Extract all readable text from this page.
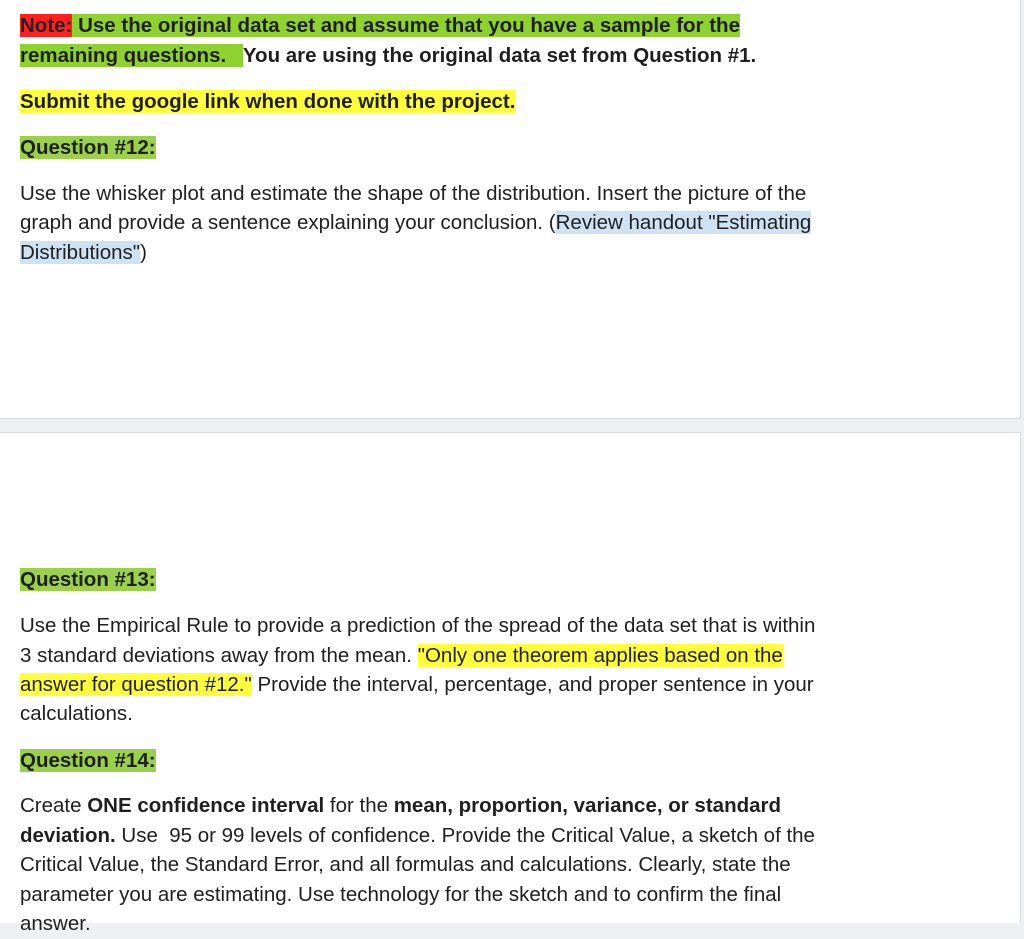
Note: Use the original data set and assume that you have a sample for the

remaining questions.   You are using the original data set from Question #1.

Submit the google link when done with the project.

Question #12:

Use the whisker plot and estimate the shape of the distribution. Insert the picture of the

graph and provide a sentence explaining your conclusion. (Review handout "Estimating

Distributions")

Question #13:

Use the Empirical Rule to provide a prediction of the spread of the data set that is within

3 standard deviations away from the mean. "Only one theorem applies based on the

answer for question #12." Provide the interval, percentage, and proper sentence in your

calculations.

Question #14:

Create ONE confidence interval for the mean, proportion, variance, or standard

deviation. Use  95 or 99 levels of confidence. Provide the Critical Value, a sketch of the

Critical Value, the Standard Error, and all formulas and calculations. Clearly, state the

parameter you are estimating. Use technology for the sketch and to confirm the final

answer.
